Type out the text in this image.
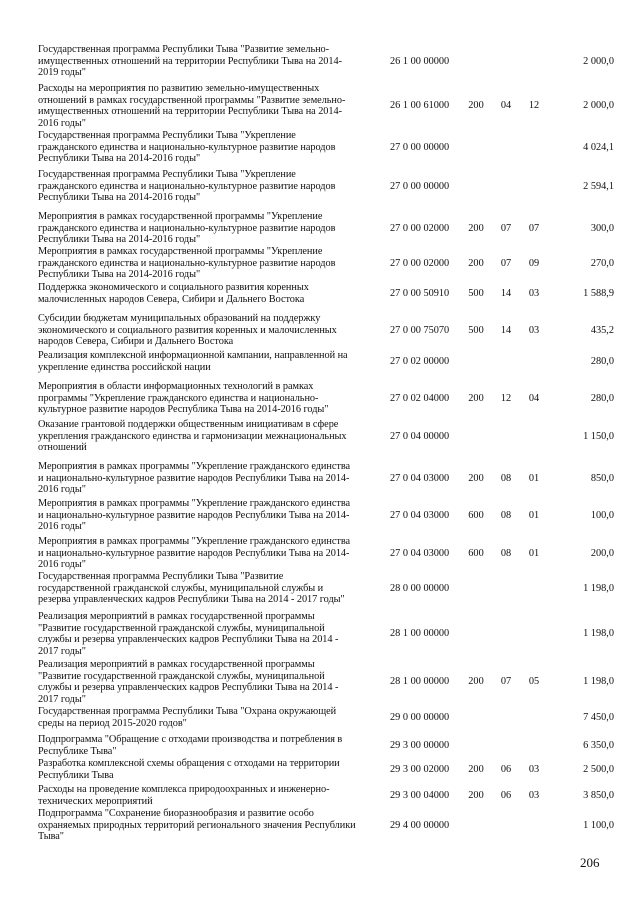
Государственная программа Республики Тыва "Развитие земельно-
имущественных отношений на территории Республики Тыва на 2014-
2019 годы"
26 1 00 00000	2 000,0
Расходы на мероприятия по развитию земельно-имущественных
отношений в рамках государственной программы "Развитие земельно-
имущественных отношений на территории Республики Тыва на 2014-
2016 годы"
26 1 00 61000 200	04	12	2 000,0
Государственная программа Республики Тыва "Укрепление
гражданского единства и национально-культурное развитие народов
Республики Тыва на 2014-2016 годы"
27 0 00 00000	4 024,1
Государственная программа Республики Тыва "Укрепление
гражданского единства и национально-культурное развитие народов
Республики Тыва на 2014-2016 годы"
27 0 00 00000	2 594,1
Мероприятия в рамках государственной программы "Укрепление
гражданского единства и национально-культурное развитие народов
Республики Тыва на 2014-2016 годы"
27 0 00 02000 200	07	07	300,0
Мероприятия в рамках государственной программы "Укрепление
гражданского единства и национально-культурное развитие народов
Республики Тыва на 2014-2016 годы"
27 0 00 02000 200	07	09	270,0
Поддержка экономического и социального развития коренных
малочисленных народов Севера, Сибири и Дальнего Востока
27 0 00 50910 500	14	03	1 588,9
Субсидии бюджетам муниципальных образований на поддержку
экономического и социального развития коренных и малочисленных
народов Севера, Сибири и Дальнего Востока
27 0 00 75070 500	14	03	435,2
Реализация комплексной информационной кампании, направленной на
укрепление единства российской нации
27 0 02 00000	280,0
Мероприятия в области информационных технологий в рамках
программы "Укрепление гражданского единства и национально-
культурное развитие народов Республика Тыва на 2014-2016 годы"
27 0 02 04000 200	12	04	280,0
Оказание грантовой поддержки общественным инициативам в сфере
укрепления гражданского единства и гармонизации межнациональных
отношений
27 0 04 00000	1 150,0
Мероприятия в рамках программы "Укрепление гражданского единства
и национально-культурное развитие народов Республики Тыва на 2014-
2016 годы"
27 0 04 03000 200	08	01	850,0
Мероприятия в рамках программы "Укрепление гражданского единства
и национально-культурное развитие народов Республики Тыва на 2014-
2016 годы"
27 0 04 03000 600	08	01	100,0
Мероприятия в рамках программы "Укрепление гражданского единства
и национально-культурное развитие народов Республики Тыва на 2014-
2016 годы"
27 0 04 03000 600	08	01	200,0
Государственная программа Республики Тыва "Развитие
государственной гражданской службы, муниципальной службы и
резерва управленческих кадров Республики Тыва на 2014 - 2017 годы"
28 0 00 00000	1 198,0
Реализация мероприятий в рамках государственной программы
"Развитие государственной гражданской службы, муниципальной
службы и резерва управленческих кадров Республики Тыва на 2014 -
2017 годы"
28 1 00 00000	1 198,0
Реализация мероприятий в рамках государственной программы
"Развитие государственной гражданской службы, муниципальной
службы и резерва управленческих кадров Республики Тыва на 2014 -
2017 годы"
28 1 00 00000 200	07	05	1 198,0
Государственная программа Республики Тыва "Охрана окружающей
среды на период 2015-2020 годов"
29 0 00 00000	7 450,0
Подпрограмма "Обращение с отходами производства и потребления в
Республике Тыва"
29 3 00 00000	6 350,0
Разработка комплексной схемы обращения с отходами на территории
Республики Тыва
29 3 00 02000 200	06	03	2 500,0
Расходы на проведение комплекса природоохранных и инженерно-
технических мероприятий
29 3 00 04000 200	06	03	3 850,0
Подпрограмма "Сохранение биоразнообразия и развитие особо
охраняемых природных территорий регионального значения Республики
Тыва"
29 4 00 00000	1 100,0
206
